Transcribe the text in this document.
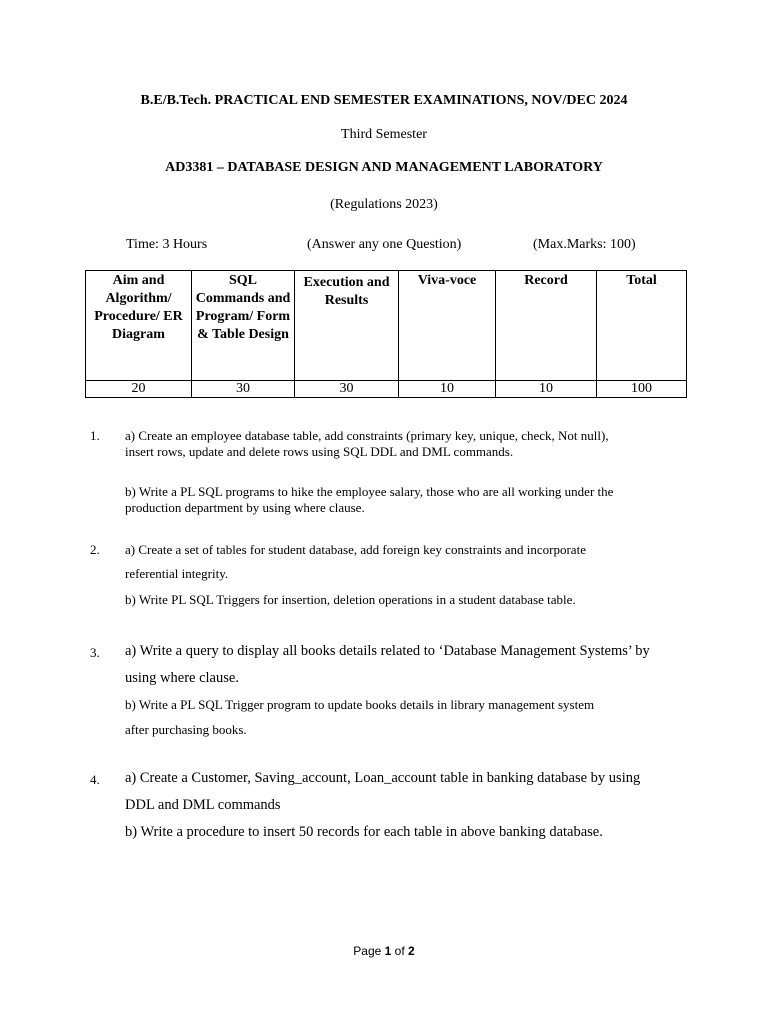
B.E/B.Tech. PRACTICAL END SEMESTER EXAMINATIONS, NOV/DEC 2024
Third Semester
AD3381 – DATABASE DESIGN AND MANAGEMENT LABORATORY
(Regulations 2023)
Time: 3 Hours	(Answer any one Question)	(Max.Marks: 100)
Aim and Algorithm/ Procedure/ ER Diagram	SQL Commands and Program/ Form & Table Design	Execution and Results	Viva-voce	Record	Total
20	30	30	10	10	100
1. a) Create an employee database table, add constraints (primary key, unique, check, Not null),
insert rows, update and delete rows using SQL DDL and DML commands.
b) Write a PL SQL programs to hike the employee salary, those who are all working under the
production department by using where clause.
2. a) Create a set of tables for student database, add foreign key constraints and incorporate
referential integrity.
b) Write PL SQL Triggers for insertion, deletion operations in a student database table.
3. a) Write a query to display all books details related to ‘Database Management Systems’ by
using where clause.
b) Write a PL SQL Trigger program to update books details in library management system
after purchasing books.
4. a) Create a Customer, Saving_account, Loan_account table in banking database by using
DDL and DML commands
b) Write a procedure to insert 50 records for each table in above banking database.
Page 1 of 2
